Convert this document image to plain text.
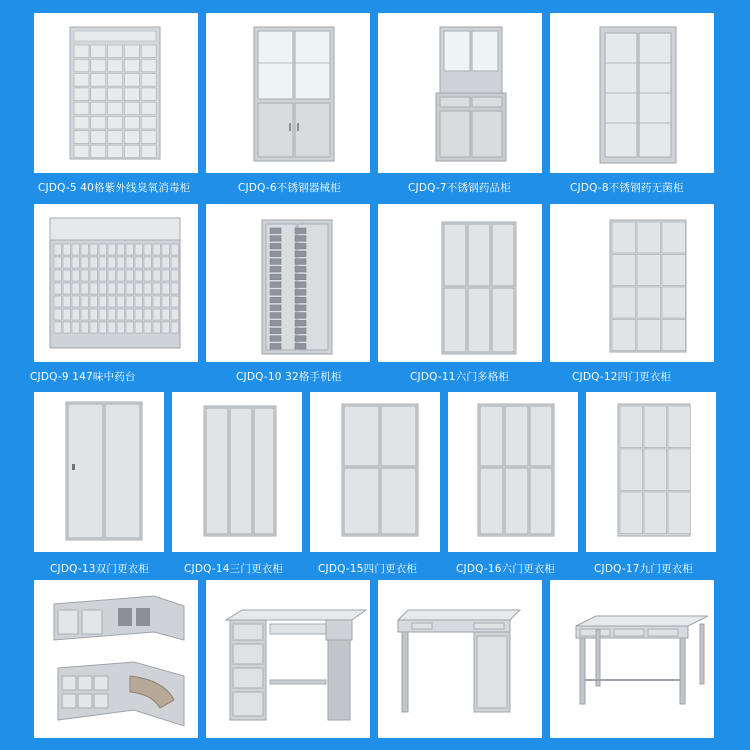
CJDQ-5 40格紫外线臭氧消毒柜	CJDQ-6不锈钢器械柜	CJDQ-7不锈钢药品柜	CJDQ-8不锈钢药无菌柜
CJDQ-9 147味中药台	CJDQ-10 32格手机柜	CJDQ-11六门多格柜	CJDQ-12四门更衣柜
CJDQ-13双门更衣柜	CJDQ-14三门更衣柜	CJDQ-15四门更衣柜	CJDQ-16六门更衣柜	CJDQ-17九门更衣柜
